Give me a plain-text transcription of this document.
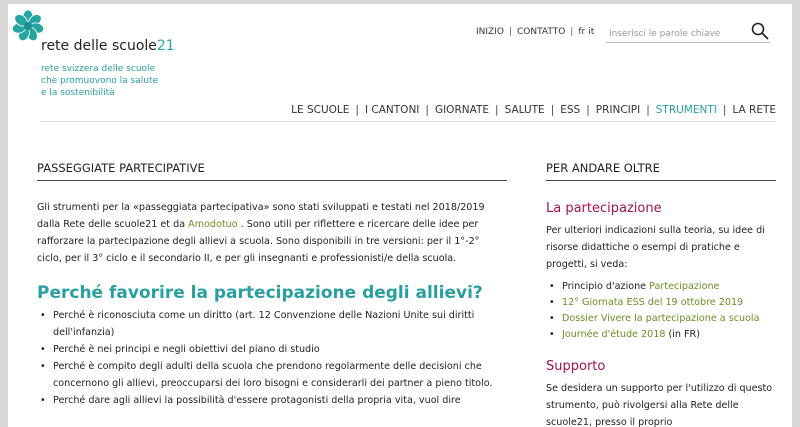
rete delle scuole21
rete svizzera delle scuole
che promuovono la salute
e la sostenibilità
INIZIO | CONTATTO | fr it
Inserisci le parole chiave
LE SCUOLE | I CANTONI | GIORNATE | SALUTE | ESS | PRINCIPI | STRUMENTI | LA RETE
PASSEGGIATE PARTECIPATIVE

Gli strumenti per la «passeggiata partecipativa» sono stati sviluppati e testati nel 2018/2019 dalla Rete delle scuole21 et da Amodotuo . Sono utili per riflettere e ricercare delle idee per rafforzare la partecipazione degli allievi a scuola. Sono disponibili in tre versioni: per il 1°-2° ciclo, per il 3° ciclo e il secondario II, e per gli insegnanti e professionisti/e della scuola.

Perché favorire la partecipazione degli allievi?
• Perché è riconosciuta come un diritto (art. 12 Convenzione delle Nazioni Unite sui diritti dell'infanzia)
• Perché è nei principi e negli obiettivi del piano di studio
• Perché è compito degli adulti della scuola che prendono regolarmente delle decisioni che concernono gli allievi, preoccuparsi dei loro bisogni e considerarli dei partner a pieno titolo.
• Perché dare agli allievi la possibilità d'essere protagonisti della propria vita, vuol dire
PER ANDARE OLTRE
La partecipazione

Per ulteriori indicazioni sulla teoria, su idee di risorse didattiche o esempi di pratiche e progetti, si veda:

• Principio d'azione Partecipazione
• 12° Giornata ESS del 19 ottobre 2019
• Dossier Vivere la partecipazione a scuola
• Journée d'étude 2018 (in FR)
Supporto

Se desidera un supporto per l'utilizzo di questo strumento, può rivolgersi alla Rete delle scuole21, presso il proprio
